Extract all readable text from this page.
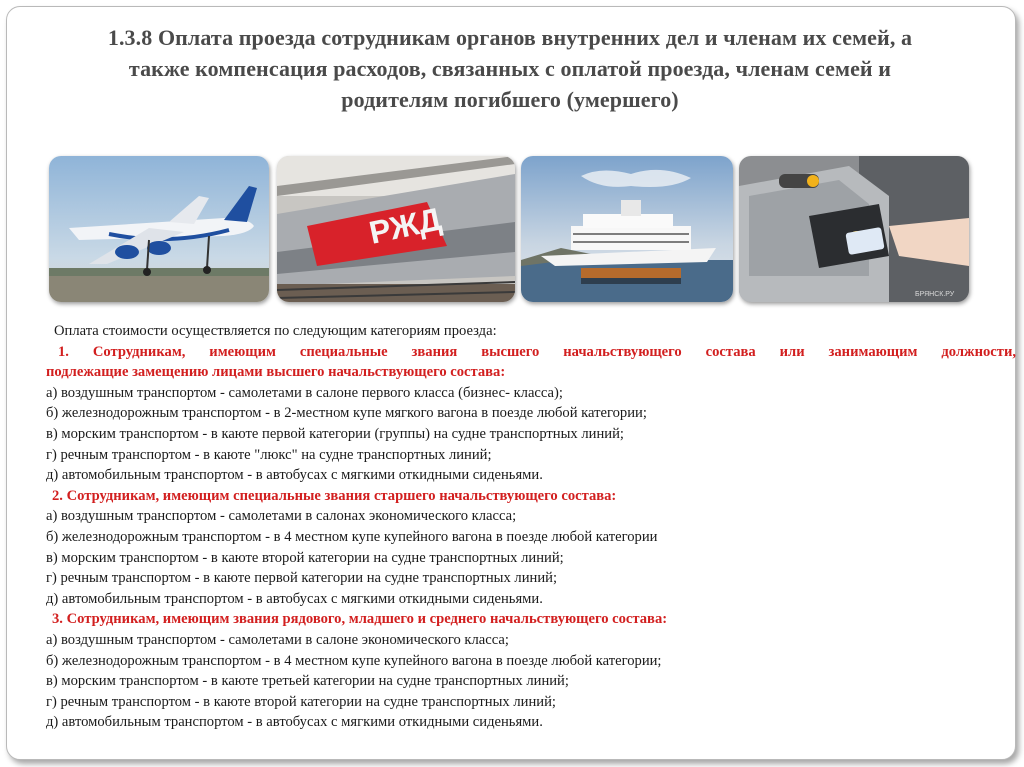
1.3.8 Оплата проезда сотрудникам органов внутренних дел и членам их семей, а
также компенсация расходов, связанных с оплатой проезда, членам семей и
родителям погибшего (умершего)
РЖД
БРЯНСК.РУ
Оплата стоимости осуществляется по следующим категориям проезда:
1. Сотрудникам, имеющим специальные звания высшего начальствующего состава или занимающим должности,
подлежащие замещению лицами высшего начальствующего состава:
а) воздушным транспортом - самолетами в салоне первого класса (бизнес- класса);
б) железнодорожным транспортом - в 2-местном купе мягкого вагона в поезде любой категории;
в) морским транспортом - в каюте первой категории (группы) на судне транспортных линий;
г) речным транспортом - в каюте "люкс" на судне транспортных линий;
д) автомобильным транспортом - в автобусах с мягкими откидными сиденьями.
2. Сотрудникам, имеющим специальные звания старшего начальствующего состава:
а) воздушным транспортом - самолетами в салонах экономического класса;
б) железнодорожным транспортом - в 4 местном купе купейного вагона в поезде любой категории
в) морским транспортом - в каюте второй категории на судне транспортных линий;
г) речным транспортом - в каюте первой категории на судне транспортных линий;
д) автомобильным транспортом - в автобусах с мягкими откидными сиденьями.
3. Сотрудникам, имеющим звания рядового, младшего и среднего начальствующего состава:
а) воздушным транспортом - самолетами в салоне экономического класса;
б) железнодорожным транспортом - в 4 местном купе купейного вагона в поезде любой категории;
в) морским транспортом - в каюте третьей категории на судне транспортных линий;
г) речным транспортом - в каюте второй категории на судне транспортных линий;
д) автомобильным транспортом - в автобусах с мягкими откидными сиденьями.
